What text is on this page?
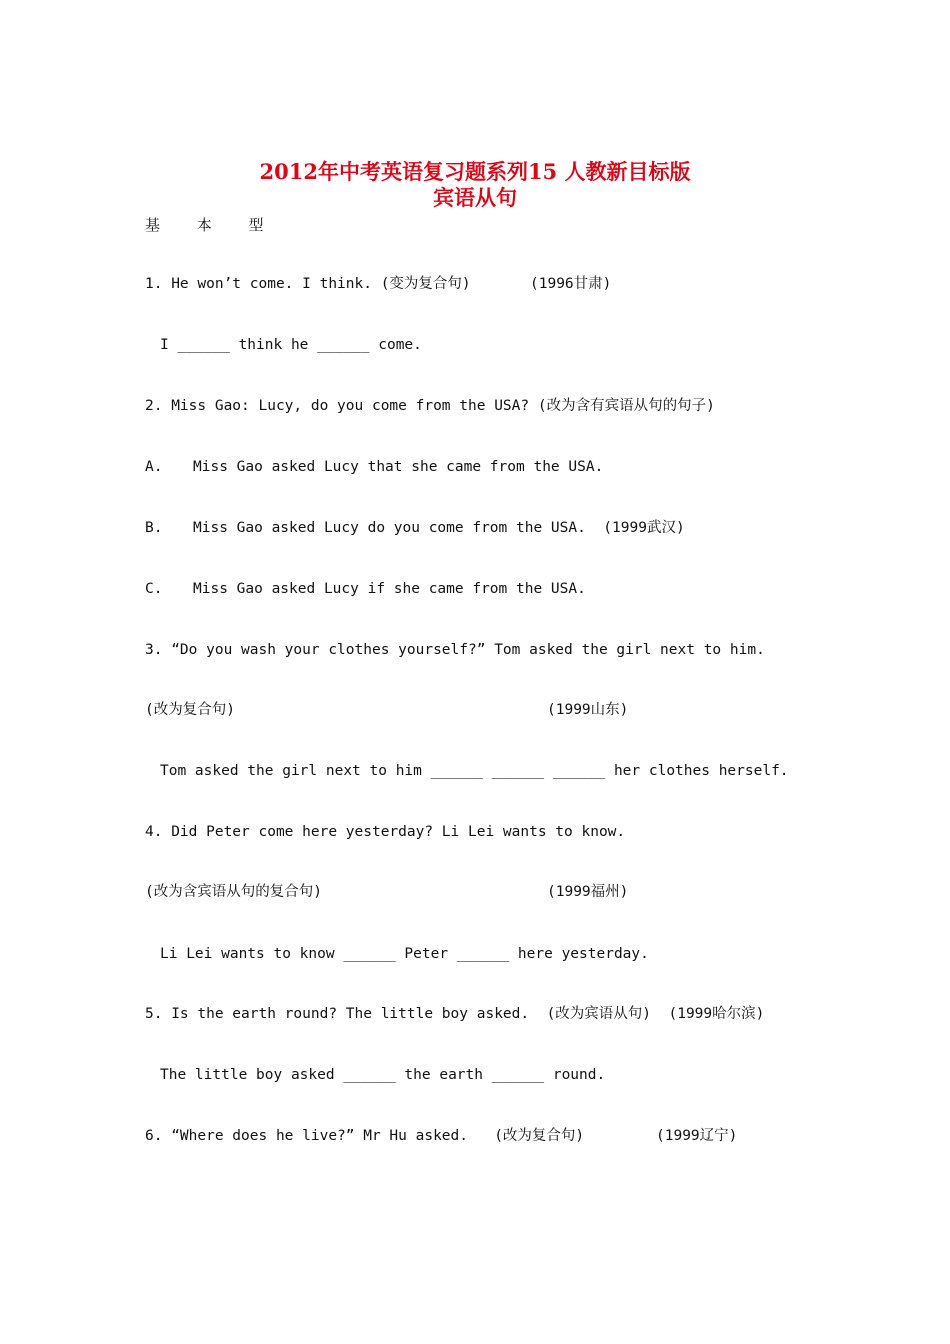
2012年中考英语复习题系列15 人教新目标版
宾语从句
基 本 型
1. He won’t come. I think. (变为复合句)	(1996甘肃)
I ______ think he ______ come.
2. Miss Gao: Lucy, do you come from the USA? (改为含有宾语从句的句子)
A. Miss Gao asked Lucy that she came from the USA.
B. Miss Gao asked Lucy do you come from the USA.  (1999武汉)
C. Miss Gao asked Lucy if she came from the USA.
3. “Do you wash your clothes yourself?” Tom asked the girl next to him.
(改为复合句)	(1999山东)
Tom asked the girl next to him ______ ______ ______ her clothes herself.
4. Did Peter come here yesterday? Li Lei wants to know.
(改为含宾语从句的复合句)	(1999福州)
Li Lei wants to know ______ Peter ______ here yesterday.
5. Is the earth round? The little boy asked.  (改为宾语从句)  (1999哈尔滨)
The little boy asked ______ the earth ______ round.
6. “Where does he live?” Mr Hu asked.   (改为复合句)	(1999辽宁)
